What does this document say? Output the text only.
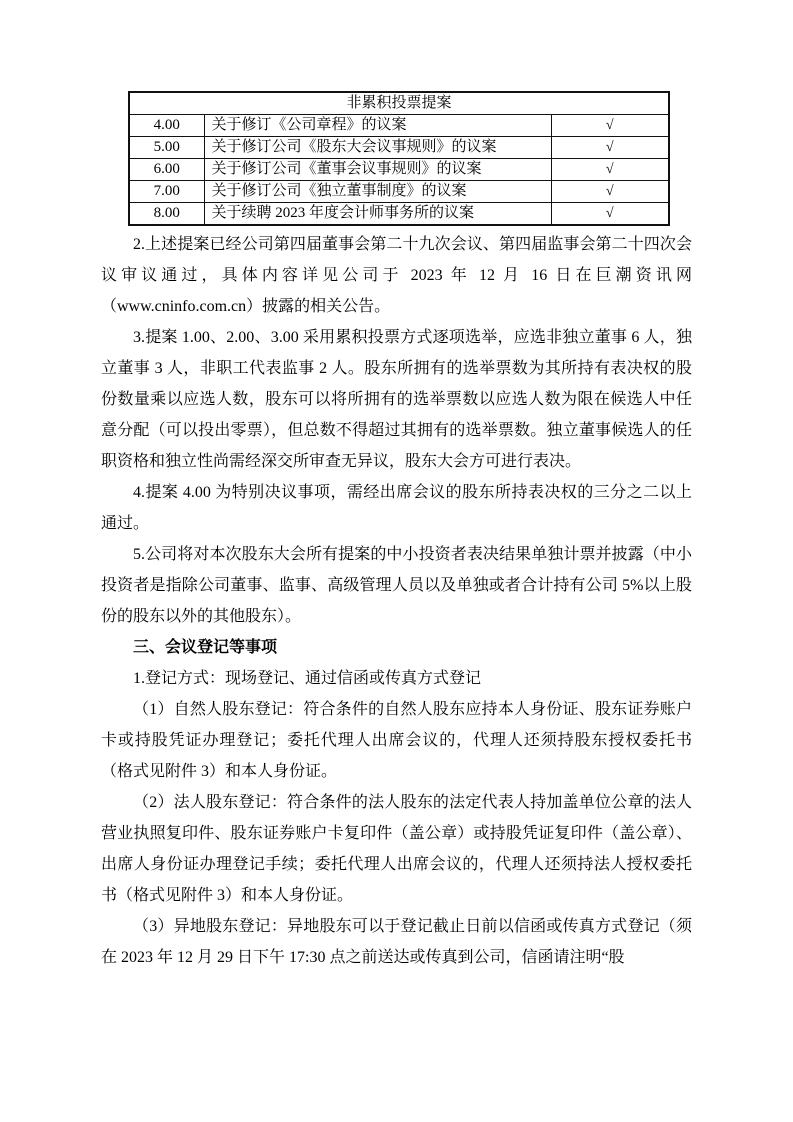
非累积投票提案		
4.00	关于修订《公司章程》的议案	√
5.00	关于修订公司《股东大会议事规则》的议案	√
6.00	关于修订公司《董事会议事规则》的议案	√
7.00	关于修订公司《独立董事制度》的议案	√
8.00	关于续聘 2023 年度会计师事务所的议案	√

2.上述提案已经公司第四届董事会第二十九次会议、第四届监事会第二十四次会议审议通过，具体内容详见公司于 2023 年 12 月 16 日在巨潮资讯网（www.cninfo.com.cn）披露的相关公告。

3.提案 1.00、2.00、3.00 采用累积投票方式逐项选举，应选非独立董事 6 人，独立董事 3 人，非职工代表监事 2 人。股东所拥有的选举票数为其所持有表决权的股份数量乘以应选人数，股东可以将所拥有的选举票数以应选人数为限在候选人中任意分配（可以投出零票），但总数不得超过其拥有的选举票数。独立董事候选人的任职资格和独立性尚需经深交所审查无异议，股东大会方可进行表决。

4.提案 4.00 为特别决议事项，需经出席会议的股东所持表决权的三分之二以上通过。

5.公司将对本次股东大会所有提案的中小投资者表决结果单独计票并披露（中小投资者是指除公司董事、监事、高级管理人员以及单独或者合计持有公司 5%以上股份的股东以外的其他股东）。

三、会议登记等事项

1.登记方式：现场登记、通过信函或传真方式登记

（1）自然人股东登记：符合条件的自然人股东应持本人身份证、股东证券账户卡或持股凭证办理登记；委托代理人出席会议的，代理人还须持股东授权委托书（格式见附件 3）和本人身份证。

（2）法人股东登记：符合条件的法人股东的法定代表人持加盖单位公章的法人营业执照复印件、股东证券账户卡复印件（盖公章）或持股凭证复印件（盖公章）、出席人身份证办理登记手续；委托代理人出席会议的，代理人还须持法人授权委托书（格式见附件 3）和本人身份证。

（3）异地股东登记：异地股东可以于登记截止日前以信函或传真方式登记（须在 2023 年 12 月 29 日下午 17:30 点之前送达或传真到公司，信函请注明“股
